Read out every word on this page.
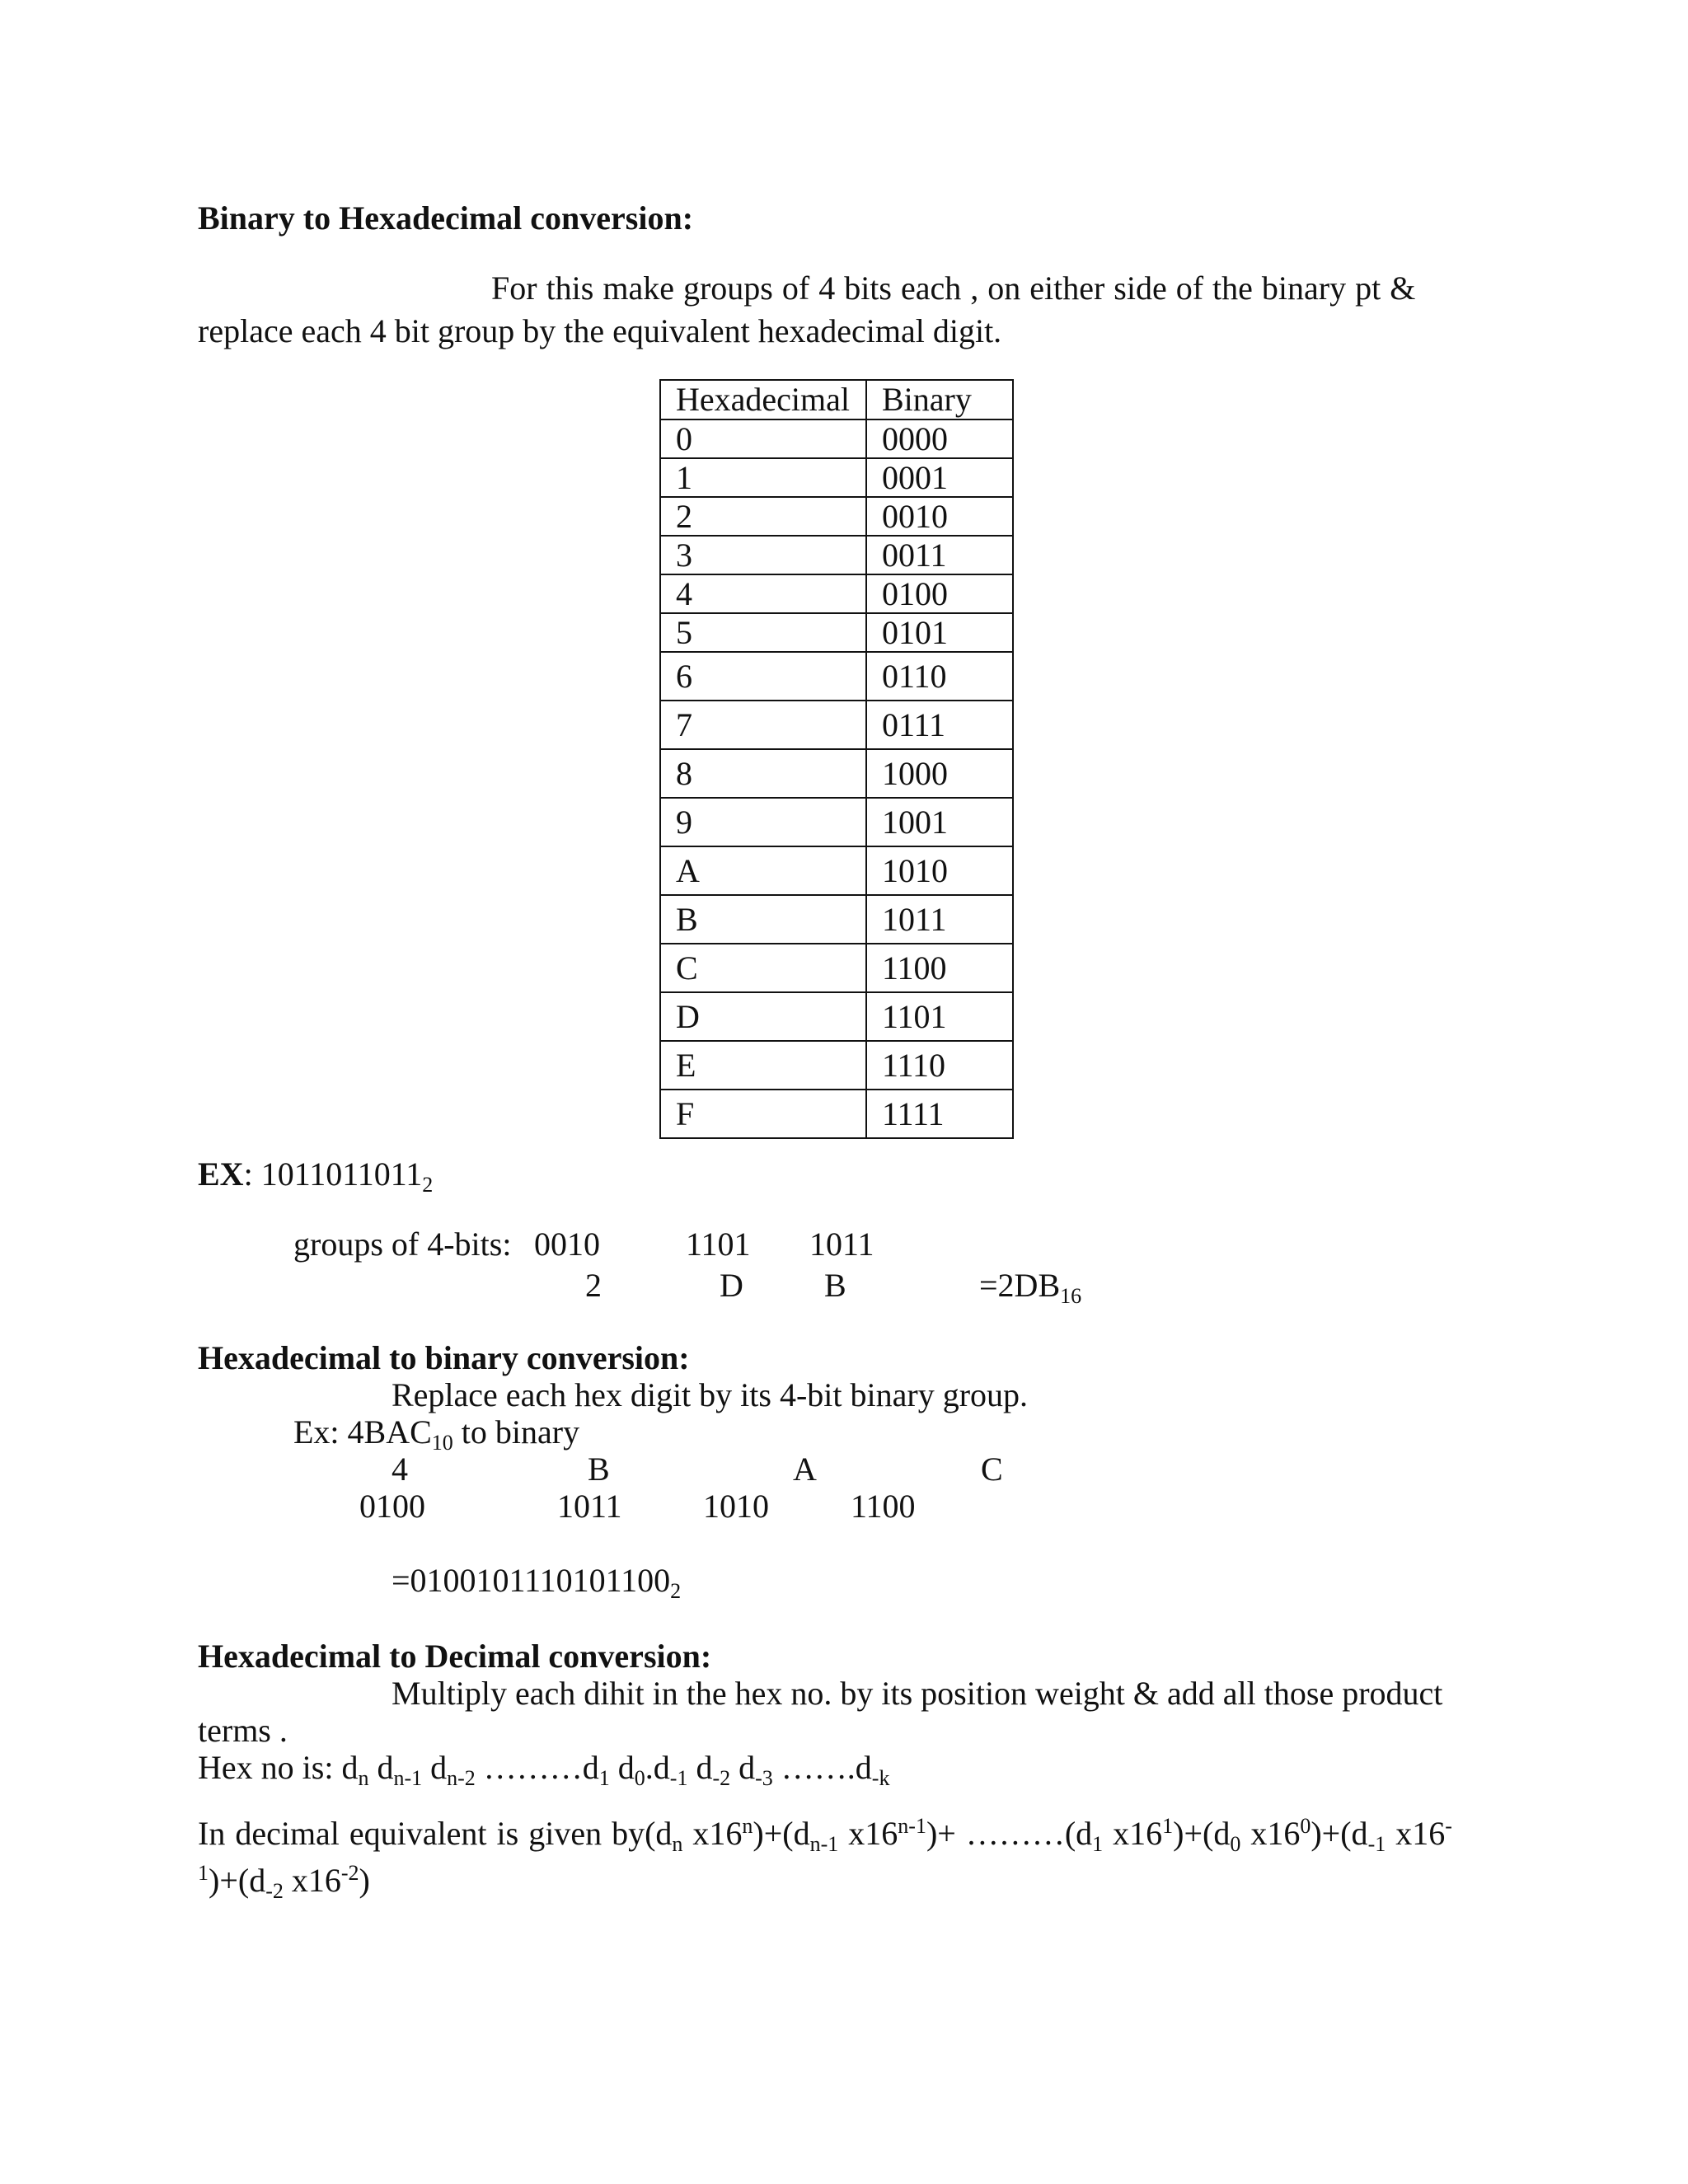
Binary to Hexadecimal conversion:
For this make groups of 4 bits each , on either side of the binary pt &
replace each 4 bit group by the equivalent hexadecimal digit.
Hexadecimal	Binary
0	0000
1	0001
2	0010
3	0011
4	0100
5	0101
6	0110
7	0111
8	1000
9	1001
A	1010
B	1011
C	1100
D	1101
E	1110
F	1111
EX: $1011011011_2$
groups of 4-bits: 0010	1101 1011
2	D B	$=2DB_{16}$
Hexadecimal to binary conversion:
Replace each hex digit by its 4-bit binary group.
Ex: $4BAC_{10}$ to binary
4	B	A	C
0100	1011 1010 1100
$=0100101110101100_2$
Hexadecimal to Decimal conversion:
Multiply each dihit in the hex no. by its position weight & add all those product
terms .
Hex no is: $d_n$ $d_{n-1}$ $d_{n-2}$ $\dots\dots\dots d_1$ $d_0.d_{-1}$ $d_{-2}$ $d_{-3}$ $\dots\dots.d_{-k}$
In decimal equivalent is given $by(d_n$ $x16^n)+(d_{n-1}$ $x16^{n-1})+$ $\dots\dots\dots(d_1$ $x16^1)+(d_0$ $x16^0)+(d_{-1}$ x16-
$^1)+(d_{-2}$ $x16^{-2}$)
